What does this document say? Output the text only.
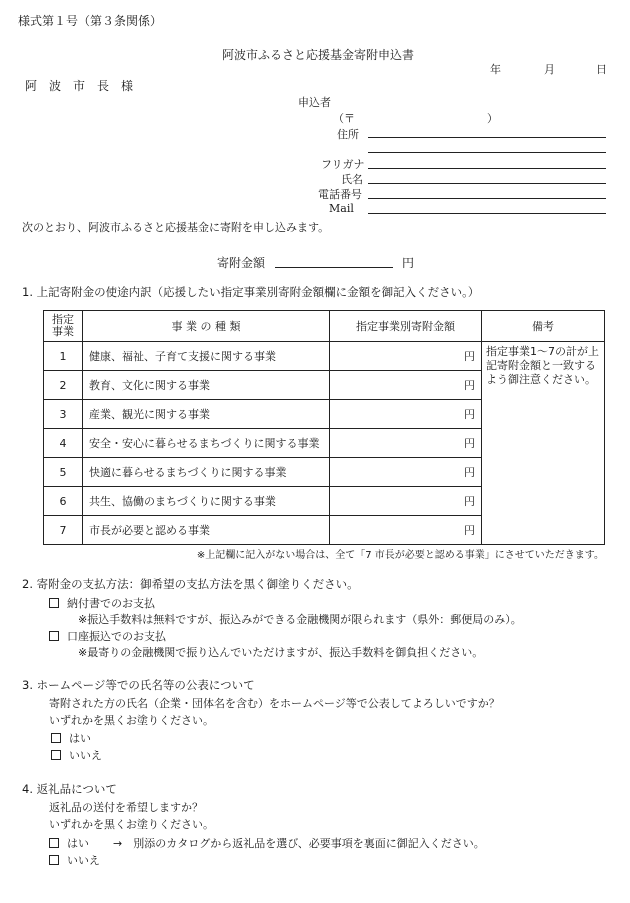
様式第１号（第３条関係）
阿波市ふるさと応援基金寄附申込書
年	月	日
阿　波　市　長　様
申込者
（〒　　　　　　　　　　　　）
住所
フリガナ
氏名
電話番号
Mail
次のとおり、阿波市ふるさと応援基金に寄附を申し込みます。
寄附金額	円
1. 上記寄附金の使途内訳（応援したい指定事業別寄附金額欄に金額を御記入ください。）
指定事業	事 業 の 種 類	指定事業別寄附金額	備考
1	健康、福祉、子育て支援に関する事業	円	指定事業1～7の計が上記寄附金額と一致するよう御注意ください。
2	教育、文化に関する事業	円	
3	産業、観光に関する事業	円	
4	安全・安心に暮らせるまちづくりに関する事業	円	
5	快適に暮らせるまちづくりに関する事業	円	
6	共生、協働のまちづくりに関する事業	円	
7	市長が必要と認める事業	円	
※上記欄に記入がない場合は、全て「7 市長が必要と認める事業」にさせていただきます。
2. 寄附金の支払方法：御希望の支払方法を黒く御塗りください。
納付書でのお支払
※振込手数料は無料ですが、振込みができる金融機関が限られます（県外：郵便局のみ）。
口座振込でのお支払
※最寄りの金融機関で振り込んでいただけますが、振込手数料を御負担ください。
3. ホームページ等での氏名等の公表について
寄附された方の氏名（企業・団体名を含む）をホームページ等で公表してよろしいですか？
いずれかを黒くお塗りください。
はい
いいえ
4. 返礼品について
返礼品の送付を希望しますか？
いずれかを黒くお塗りください。
はい →　別添のカタログから返礼品を選び、必要事項を裏面に御記入ください。
いいえ
